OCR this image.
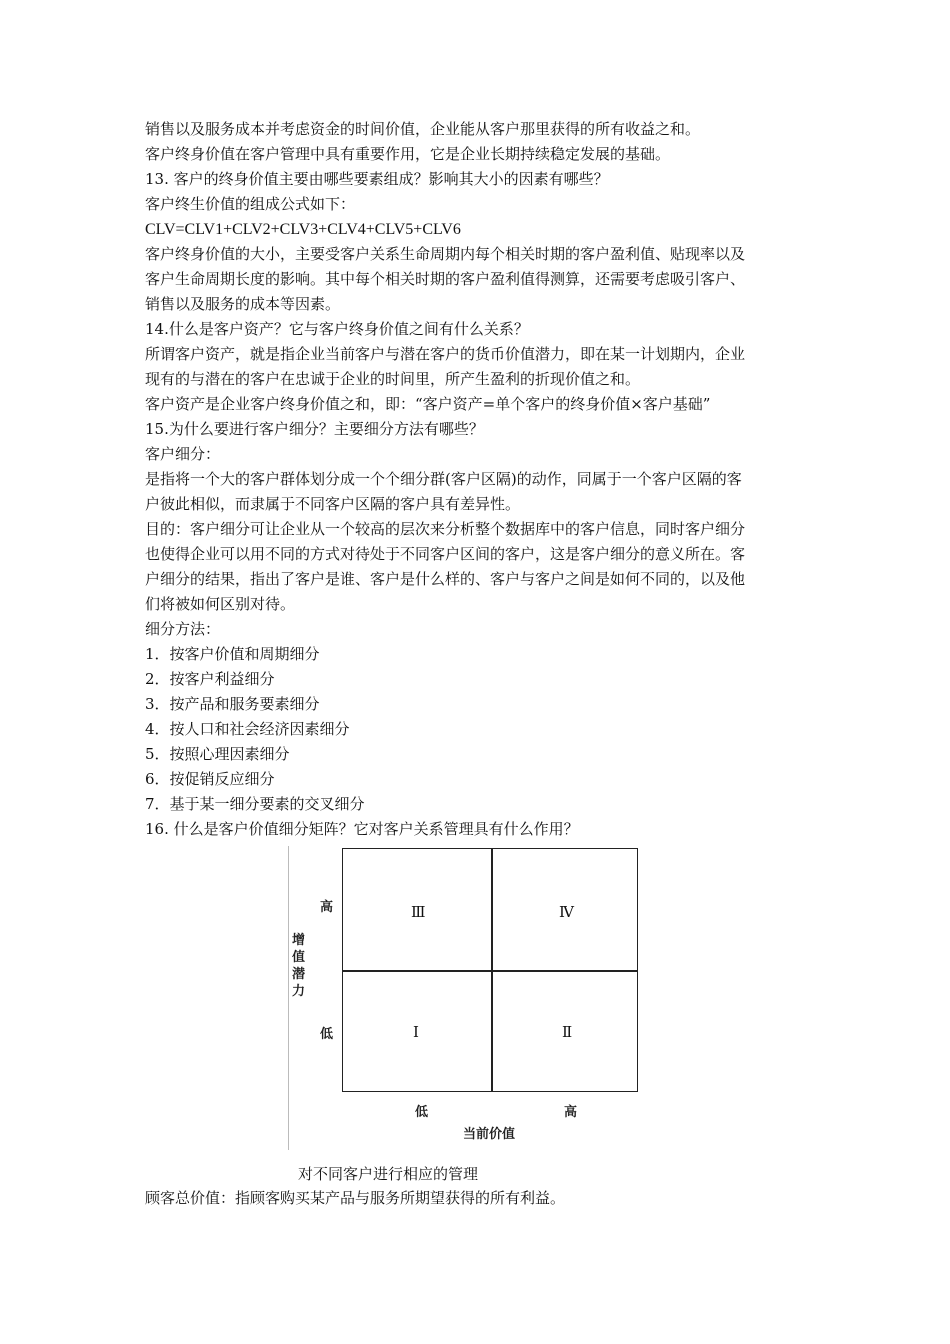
销售以及服务成本并考虑资金的时间价值，企业能从客户那里获得的所有收益之和。
客户终身价值在客户管理中具有重要作用，它是企业长期持续稳定发展的基础。
13. 客户的终身价值主要由哪些要素组成？影响其大小的因素有哪些？
客户终生价值的组成公式如下：
CLV=CLV1+CLV2+CLV3+CLV4+CLV5+CLV6
客户终身价值的大小，主要受客户关系生命周期内每个相关时期的客户盈利值、贴现率以及
客户生命周期长度的影响。其中每个相关时期的客户盈利值得测算，还需要考虑吸引客户、
销售以及服务的成本等因素。
14.什么是客户资产？它与客户终身价值之间有什么关系？
所谓客户资产，就是指企业当前客户与潜在客户的货币价值潜力，即在某一计划期内，企业
现有的与潜在的客户在忠诚于企业的时间里，所产生盈利的折现价值之和。
客户资产是企业客户终身价值之和，即：“客户资产=单个客户的终身价值×客户基础”
15.为什么要进行客户细分？主要细分方法有哪些？
客户细分：
是指将一个大的客户群体划分成一个个细分群(客户区隔)的动作，同属于一个客户区隔的客
户彼此相似，而隶属于不同客户区隔的客户具有差异性。
目的：客户细分可让企业从一个较高的层次来分析整个数据库中的客户信息，同时客户细分
也使得企业可以用不同的方式对待处于不同客户区间的客户，这是客户细分的意义所在。客
户细分的结果，指出了客户是谁、客户是什么样的、客户与客户之间是如何不同的，以及他
们将被如何区别对待。
细分方法：
1．按客户价值和周期细分
2．按客户利益细分
3．按产品和服务要素细分
4．按人口和社会经济因素细分
5．按照心理因素细分
6．按促销反应细分
7．基于某一细分要素的交叉细分
16. 什么是客户价值细分矩阵？它对客户关系管理具有什么作用？
增值潜力
高
低
Ⅲ	Ⅳ
Ⅰ	Ⅱ
低	高
当前价值
对不同客户进行相应的管理
顾客总价值：指顾客购买某产品与服务所期望获得的所有利益。
